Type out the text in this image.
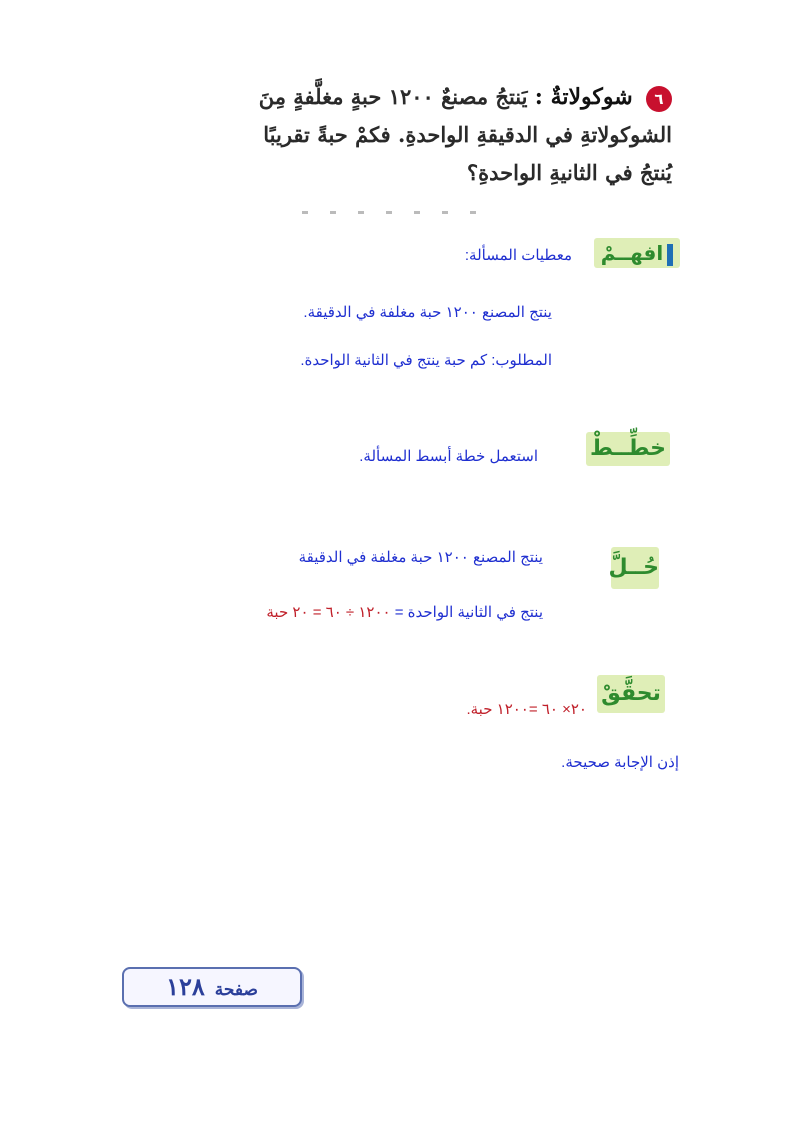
٦ شوكولاتةٌ : يَنتجُ مصنعٌ ١٢٠٠ حبةٍ مغلَّفةٍ مِنَ
الشوكولاتةِ في الدقيقةِ الواحدةِ. فكمْ حبةً تقريبًا
يُنتجُ في الثانيةِ الواحدةِ؟
افهــمْ
معطيات المسألة:
ينتج المصنع ١٢٠٠ حبة مغلفة في الدقيقة.
المطلوب: كم حبة ينتج في الثانية الواحدة.
خطِّــطْ
استعمل خطة أبسط المسألة.
حُــلَّ
ينتج المصنع ١٢٠٠ حبة مغلفة في الدقيقة
ينتج في الثانية الواحدة = ١٢٠٠ ÷ ٦٠ = ٢٠ حبة
تحقَّقْ
٢٠× ٦٠ =١٢٠٠ حبة.
إذن الإجابة صحيحة.
صفحة١٢٨
